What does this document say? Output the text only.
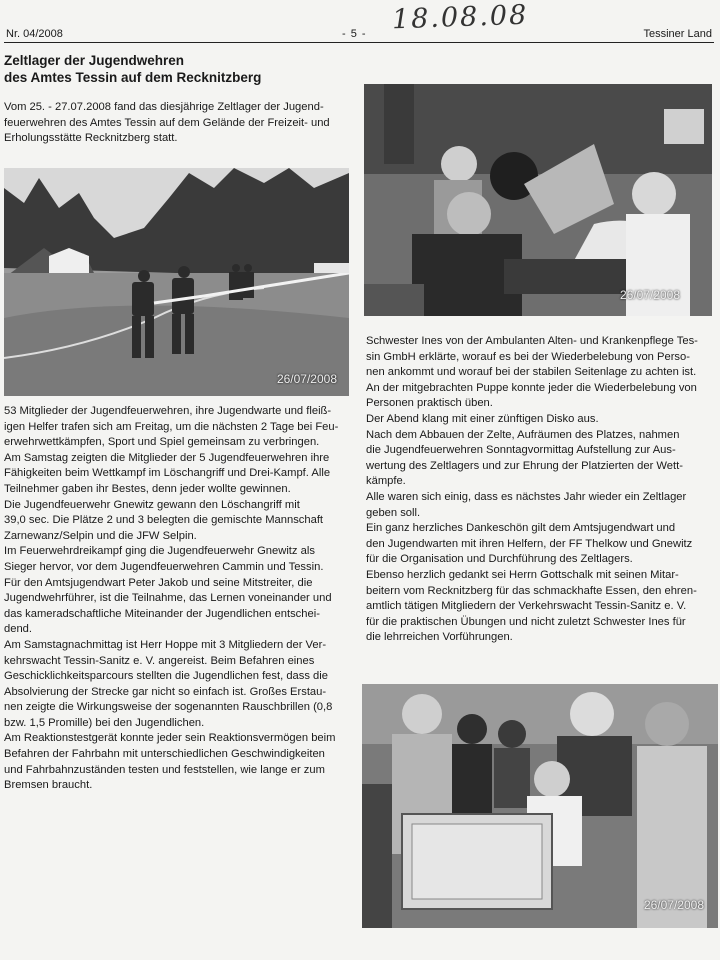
Nr. 04/2008	- 5 - 18.08.08	Tessiner Land
Zeltlager der Jugendwehren
des Amtes Tessin auf dem Recknitzberg
Vom 25. - 27.07.2008 fand das diesjährige Zeltlager der Jugend-
feuerwehren des Amtes Tessin auf dem Gelände der Freizeit- und
Erholungsstätte Recknitzberg statt.
26/07/2008
26/07/2008
53 Mitglieder der Jugendfeuerwehren, ihre Jugendwarte und fleiß-
igen Helfer trafen sich am Freitag, um die nächsten 2 Tage bei Feu-
erwehrwettkämpfen, Sport und Spiel gemeinsam zu verbringen.
Am Samstag zeigten die Mitglieder der 5 Jugendfeuerwehren ihre
Fähigkeiten beim Wettkampf im Löschangriff und Drei-Kampf. Alle
Teilnehmer gaben ihr Bestes, denn jeder wollte gewinnen.
Die Jugendfeuerwehr Gnewitz gewann den Löschangriff mit
39,0 sec. Die Plätze 2 und 3 belegten die gemischte Mannschaft
Zarnewanz/Selpin und die JFW Selpin.
Im Feuerwehrdreikampf ging die Jugendfeuerwehr Gnewitz als
Sieger hervor, vor dem Jugendfeuerwehren Cammin und Tessin.
Für den Amtsjugendwart Peter Jakob und seine Mitstreiter, die
Jugendwehrführer, ist die Teilnahme, das Lernen voneinander und
das kameradschaftliche Miteinander der Jugendlichen entschei-
dend.
Am Samstagnachmittag ist Herr Hoppe mit 3 Mitgliedern der Ver-
kehrswacht Tessin-Sanitz e. V. angereist. Beim Befahren eines
Geschicklichkeitsparcours stellten die Jugendlichen fest, dass die
Absolvierung der Strecke gar nicht so einfach ist. Großes Erstau-
nen zeigte die Wirkungsweise der sogenannten Rauschbrillen (0,8
bzw. 1,5 Promille) bei den Jugendlichen.
Am Reaktionstestgerät konnte jeder sein Reaktionsvermögen beim
Befahren der Fahrbahn mit unterschiedlichen Geschwindigkeiten
und Fahrbahnzuständen testen und feststellen, wie lange er zum
Bremsen braucht.
Schwester Ines von der Ambulanten Alten- und Krankenpflege Tes-
sin GmbH erklärte, worauf es bei der Wiederbelebung von Perso-
nen ankommt und worauf bei der stabilen Seitenlage zu achten ist.
An der mitgebrachten Puppe konnte jeder die Wiederbelebung von
Personen praktisch üben.
Der Abend klang mit einer zünftigen Disko aus.
Nach dem Abbauen der Zelte, Aufräumen des Platzes, nahmen
die Jugendfeuerwehren Sonntagvormittag Aufstellung zur Aus-
wertung des Zeltlagers und zur Ehrung der Platzierten der Wett-
kämpfe.
Alle waren sich einig, dass es nächstes Jahr wieder ein Zeltlager
geben soll.
Ein ganz herzliches Dankeschön gilt dem Amtsjugendwart und
den Jugendwarten mit ihren Helfern, der FF Thelkow und Gnewitz
für die Organisation und Durchführung des Zeltlagers.
Ebenso herzlich gedankt sei Herrn Gottschalk mit seinen Mitar-
beitern vom Recknitzberg für das schmackhafte Essen, den ehren-
amtlich tätigen Mitgliedern der Verkehrswacht Tessin-Sanitz e. V.
für die praktischen Übungen und nicht zuletzt Schwester Ines für
die lehrreichen Vorführungen.
26/07/2008
